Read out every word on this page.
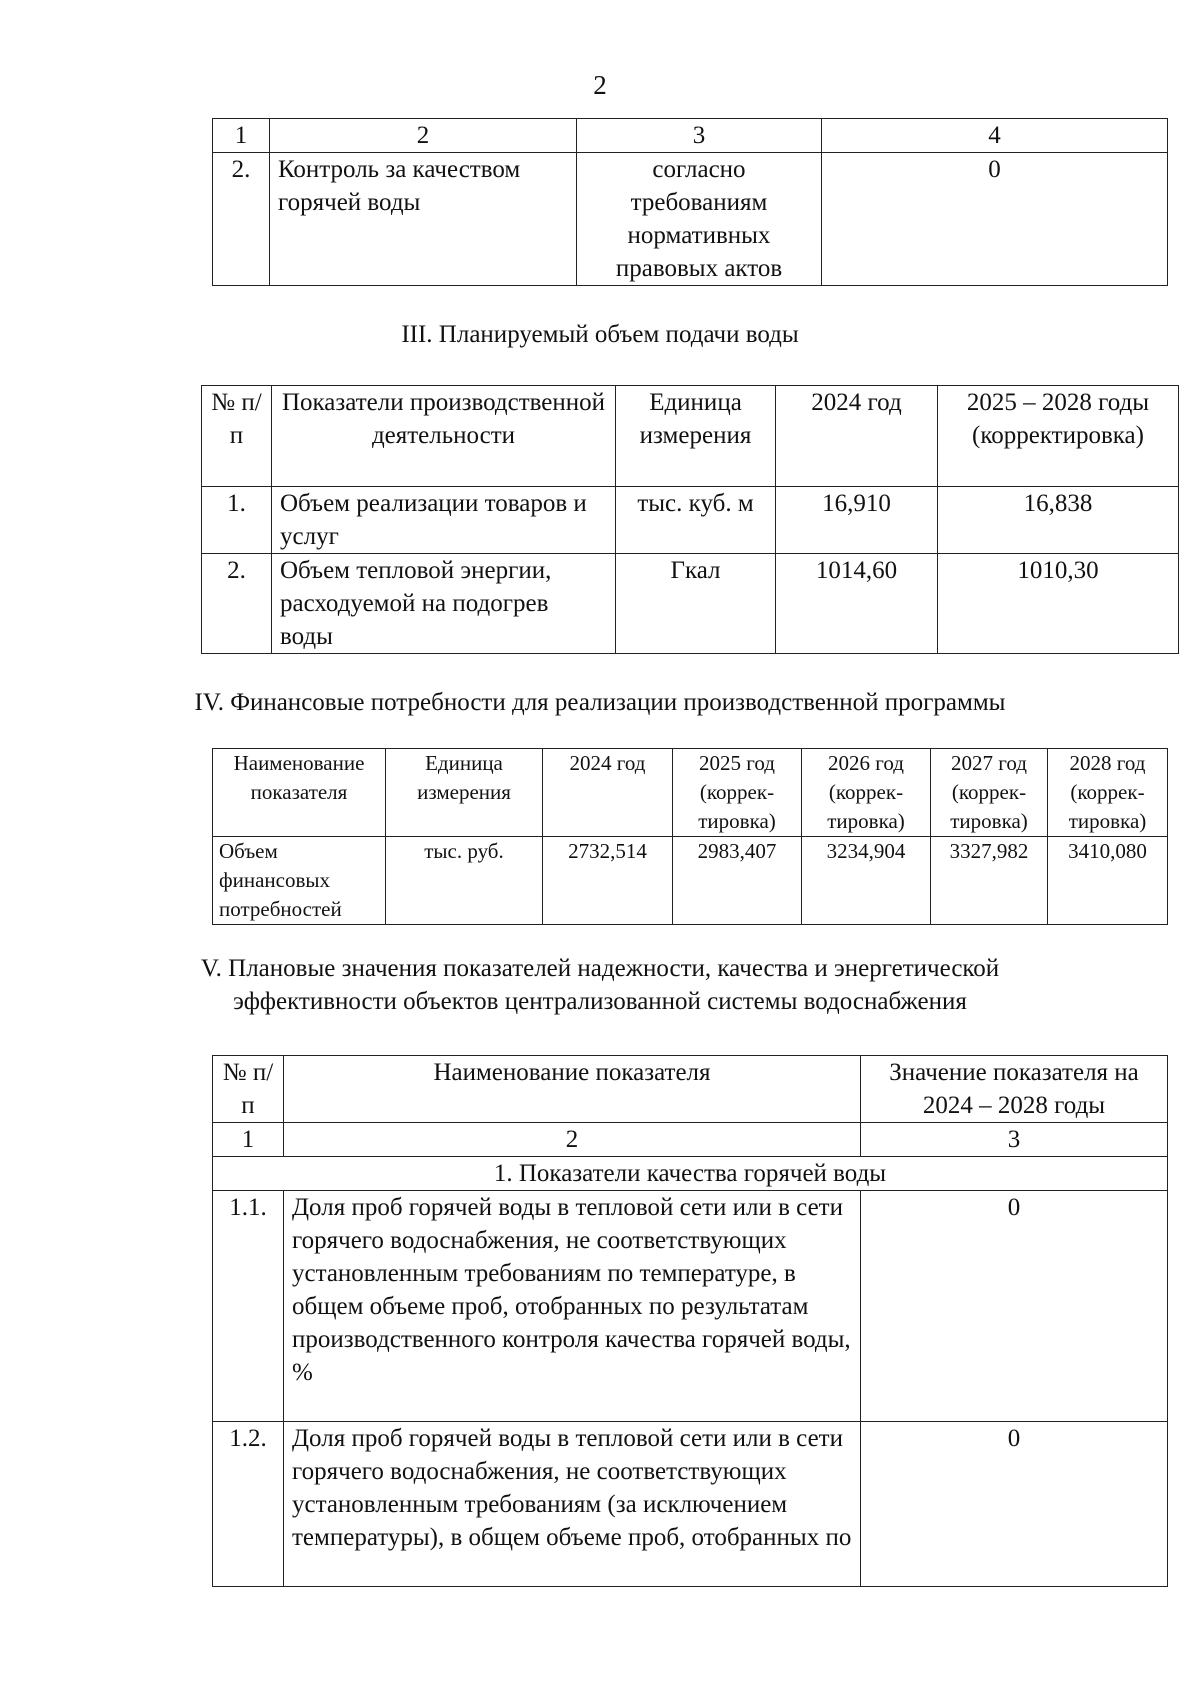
2
1	2	3	4
2.	Контроль за качеством горячей воды	согласно требованиям нормативных правовых актов	0
III. Планируемый объем подачи воды
№ п/п	Показатели производственной деятельности	Единица измерения	2024 год	2025 – 2028 годы (корректировка)
1.	Объем реализации товаров и услуг	тыс. куб. м	16,910	16,838
2.	Объем тепловой энергии, расходуемой на подогрев воды	Гкал	1014,60	1010,30
IV. Финансовые потребности для реализации производственной программы
Наименование показателя	Единица измерения	2024 год	2025 год (коррек-тировка)	2026 год (коррек-тировка)	2027 год (коррек-тировка)	2028 год (коррек-тировка)
Объем финансовых потребностей	тыс. руб.	2732,514	2983,407	3234,904	3327,982	3410,080
V. Плановые значения показателей надежности, качества и энергетической
эффективности объектов централизованной системы водоснабжения
№ п/п	Наименование показателя	Значение показателя на 2024 – 2028 годы
1	2	3
1. Показатели качества горячей воды		
1.1.	Доля проб горячей воды в тепловой сети или в сети горячего водоснабжения, не соответствующих установленным требованиям по температуре, в общем объеме проб, отобранных по результатам производственного контроля качества горячей воды, %	0
1.2.	Доля проб горячей воды в тепловой сети или в сети горячего водоснабжения, не соответствующих установленным требованиям (за исключением температуры), в общем объеме проб, отобранных по	0
